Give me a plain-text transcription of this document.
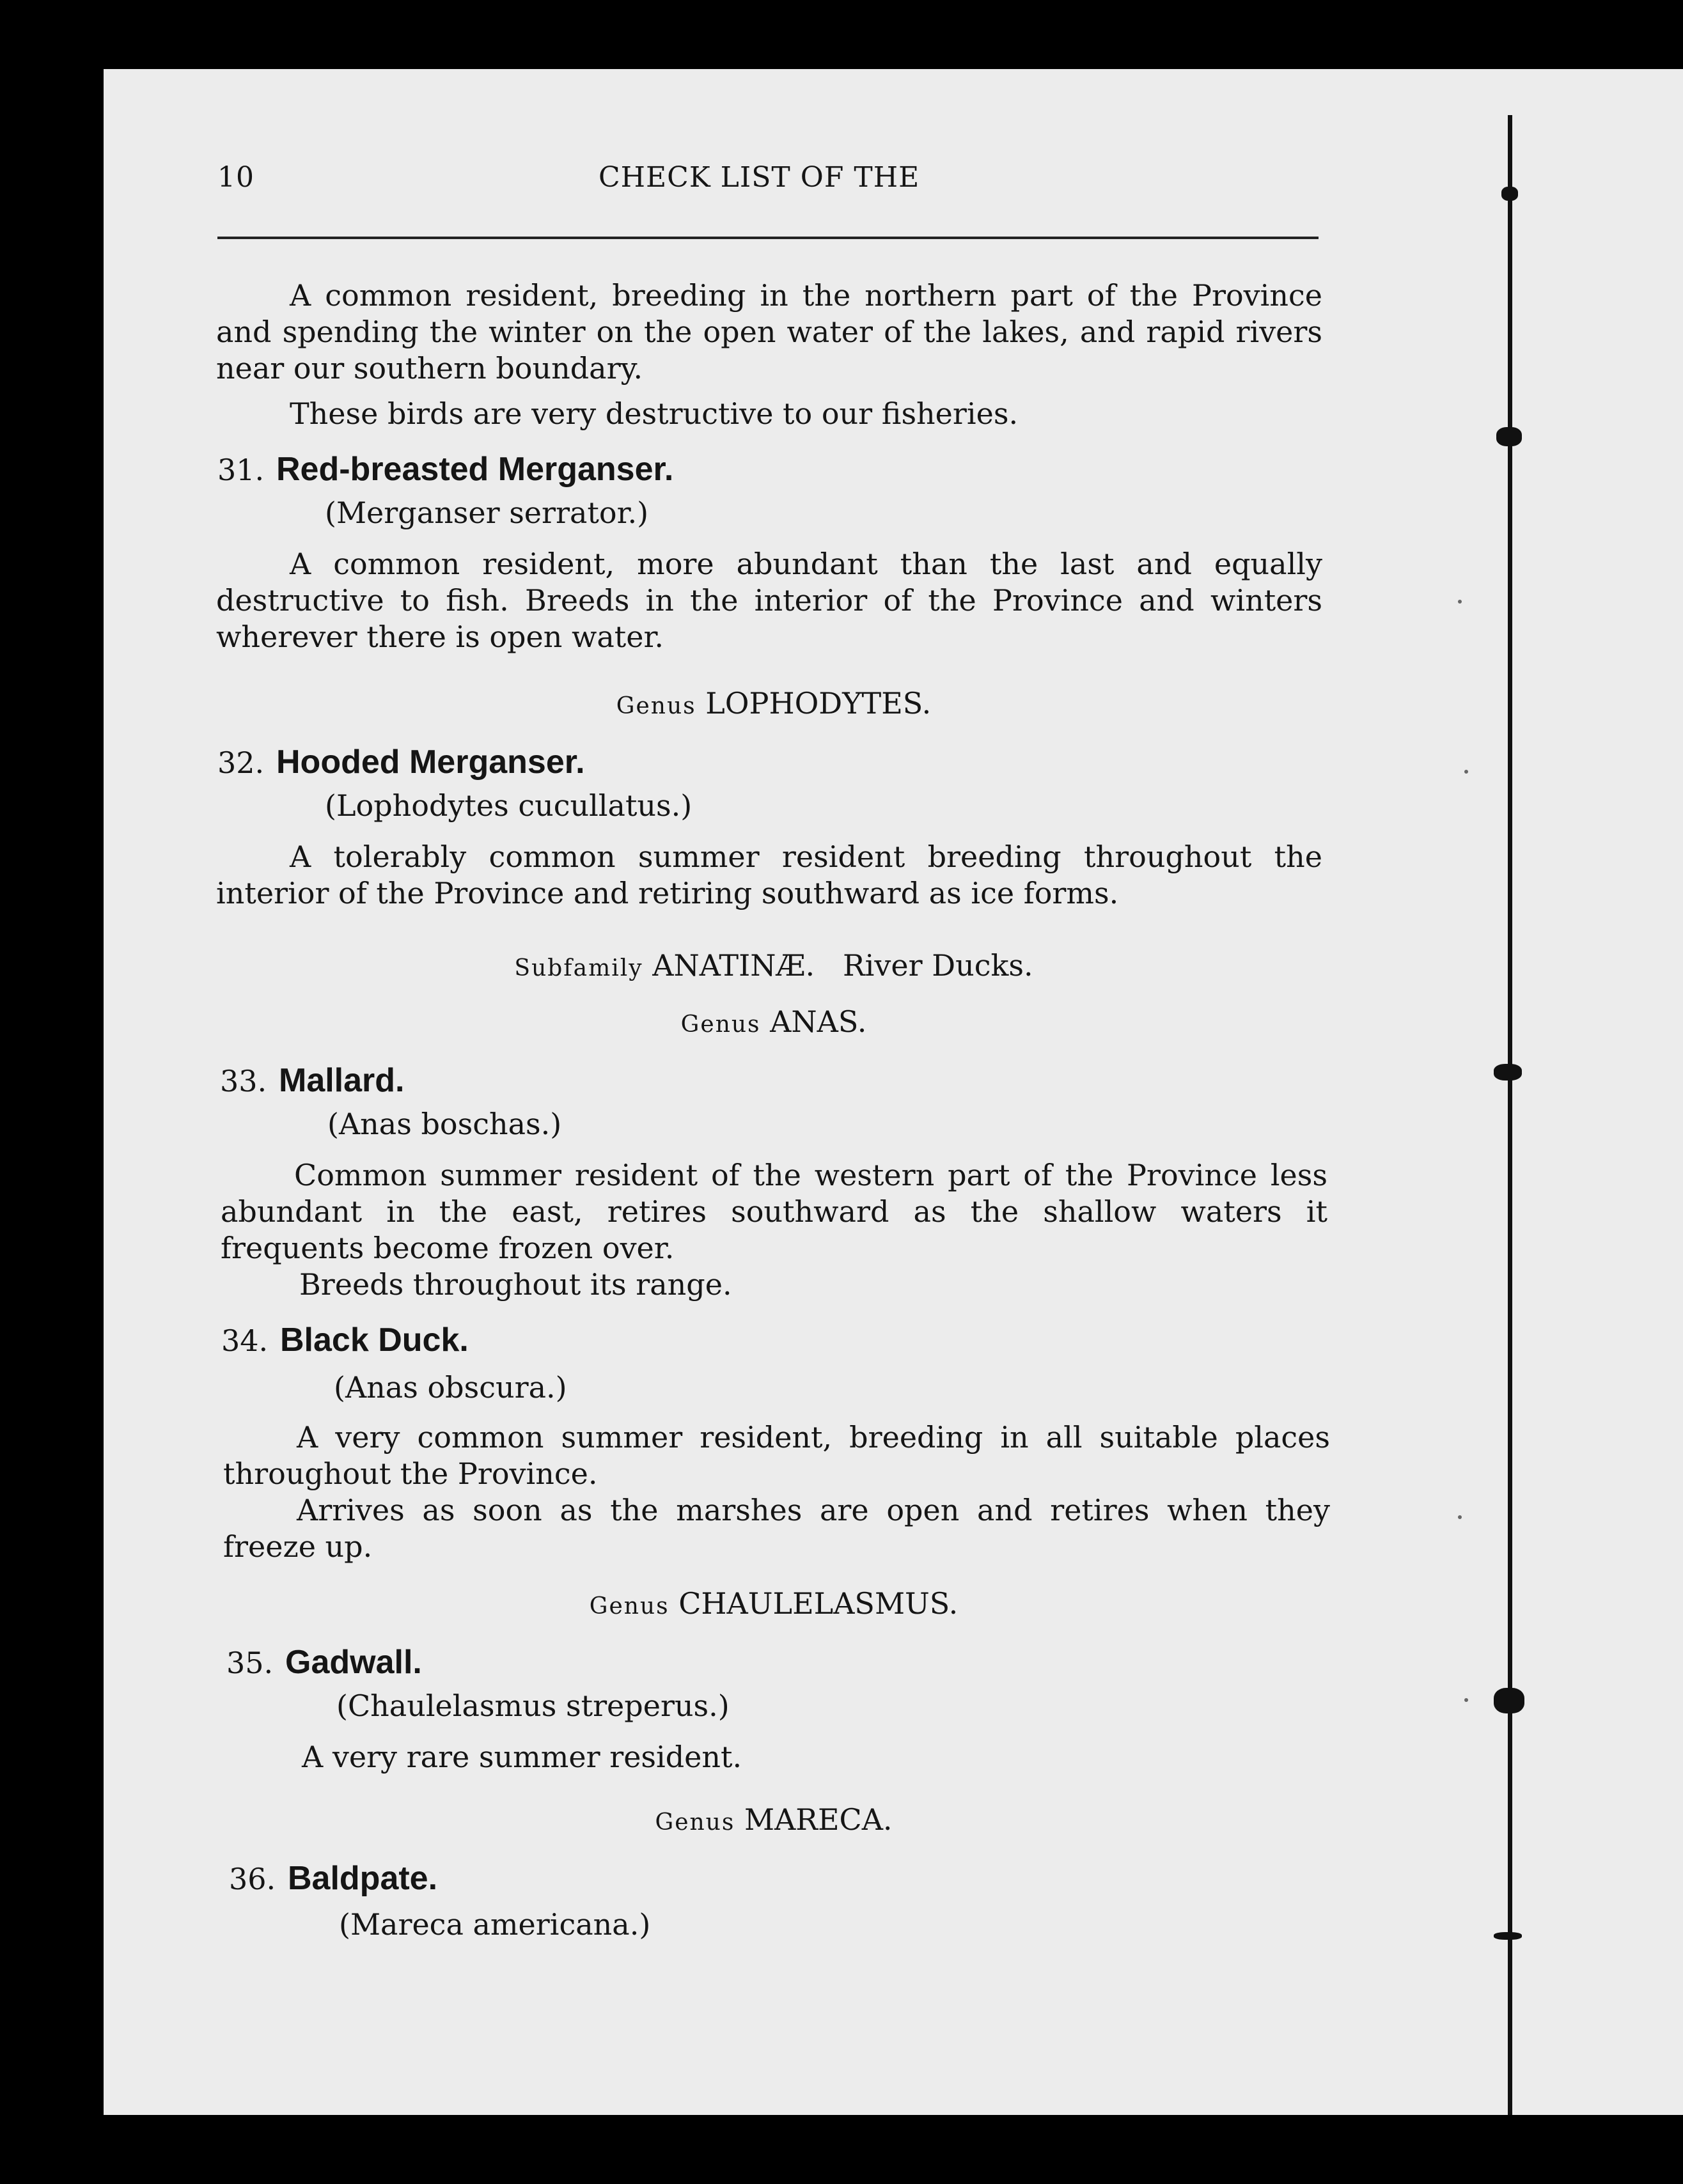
10	CHECK LIST OF THE
A common resident, breeding in the northern part of the Province and spending the winter on the open water of the lakes, and rapid rivers near our southern boundary.
These birds are very destructive to our fisheries.
31. Red-breasted Merganser.
(Merganser serrator.)
A common resident, more abundant than the last and equally destructive to fish. Breeds in the interior of the Province and winters wherever there is open water.
Genus LOPHODYTES.
32. Hooded Merganser.
(Lophodytes cucullatus.)
A tolerably common summer resident breeding throughout the interior of the Province and retiring southward as ice forms.
Subfamily ANATINÆ. River Ducks.
Genus ANAS.
33. Mallard.
(Anas boschas.)
Common summer resident of the western part of the Province less abundant in the east, retires southward as the shallow waters it frequents become frozen over.
Breeds throughout its range.
34. Black Duck.
(Anas obscura.)
A very common summer resident, breeding in all suitable places throughout the Province.
Arrives as soon as the marshes are open and retires when they freeze up.
Genus CHAULELASMUS.
35. Gadwall.
(Chaulelasmus streperus.)
A very rare summer resident.
Genus MARECA.
36. Baldpate.
(Mareca americana.)
